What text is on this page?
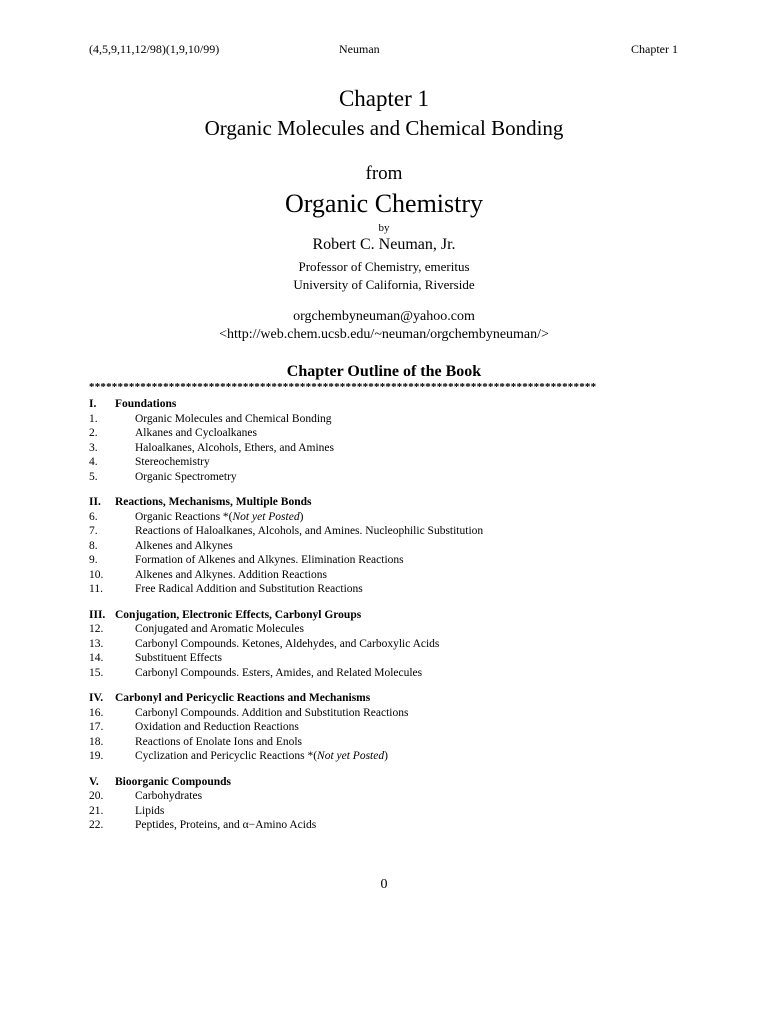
(4,5,9,11,12/98)(1,9,10/99)	Neuman	Chapter 1
Chapter 1
Organic Molecules and Chemical Bonding
from
Organic Chemistry
by
Robert C. Neuman, Jr.
Professor of Chemistry, emeritus
University of California, Riverside
orgchembyneuman@yahoo.com
<http://web.chem.ucsb.edu/~neuman/orgchembyneuman/>
Chapter Outline of the Book
*****************************************************************************************
I.	Foundations
1.	Organic Molecules and Chemical Bonding
2.	Alkanes and Cycloalkanes
3.	Haloalkanes, Alcohols, Ethers, and Amines
4.	Stereochemistry
5.	Organic Spectrometry
II.	Reactions, Mechanisms, Multiple Bonds
6.	Organic Reactions *(Not yet Posted)
7.	Reactions of Haloalkanes, Alcohols, and Amines. Nucleophilic Substitution
8.	Alkenes and Alkynes
9.	Formation of Alkenes and Alkynes. Elimination Reactions
10.	Alkenes and Alkynes. Addition Reactions
11.	Free Radical Addition and Substitution Reactions
III. Conjugation, Electronic Effects, Carbonyl Groups
12.	Conjugated and Aromatic Molecules
13.	Carbonyl Compounds. Ketones, Aldehydes, and Carboxylic Acids
14.	Substituent Effects
15.	Carbonyl Compounds. Esters, Amides, and Related Molecules
IV.	Carbonyl and Pericyclic Reactions and Mechanisms
16.	Carbonyl Compounds. Addition and Substitution Reactions
17.	Oxidation and Reduction Reactions
18.	Reactions of Enolate Ions and Enols
19.	Cyclization and Pericyclic Reactions *(Not yet Posted)
V.	Bioorganic Compounds
20.	Carbohydrates
21.	Lipids
22.	Peptides, Proteins, and α−Amino Acids
0
